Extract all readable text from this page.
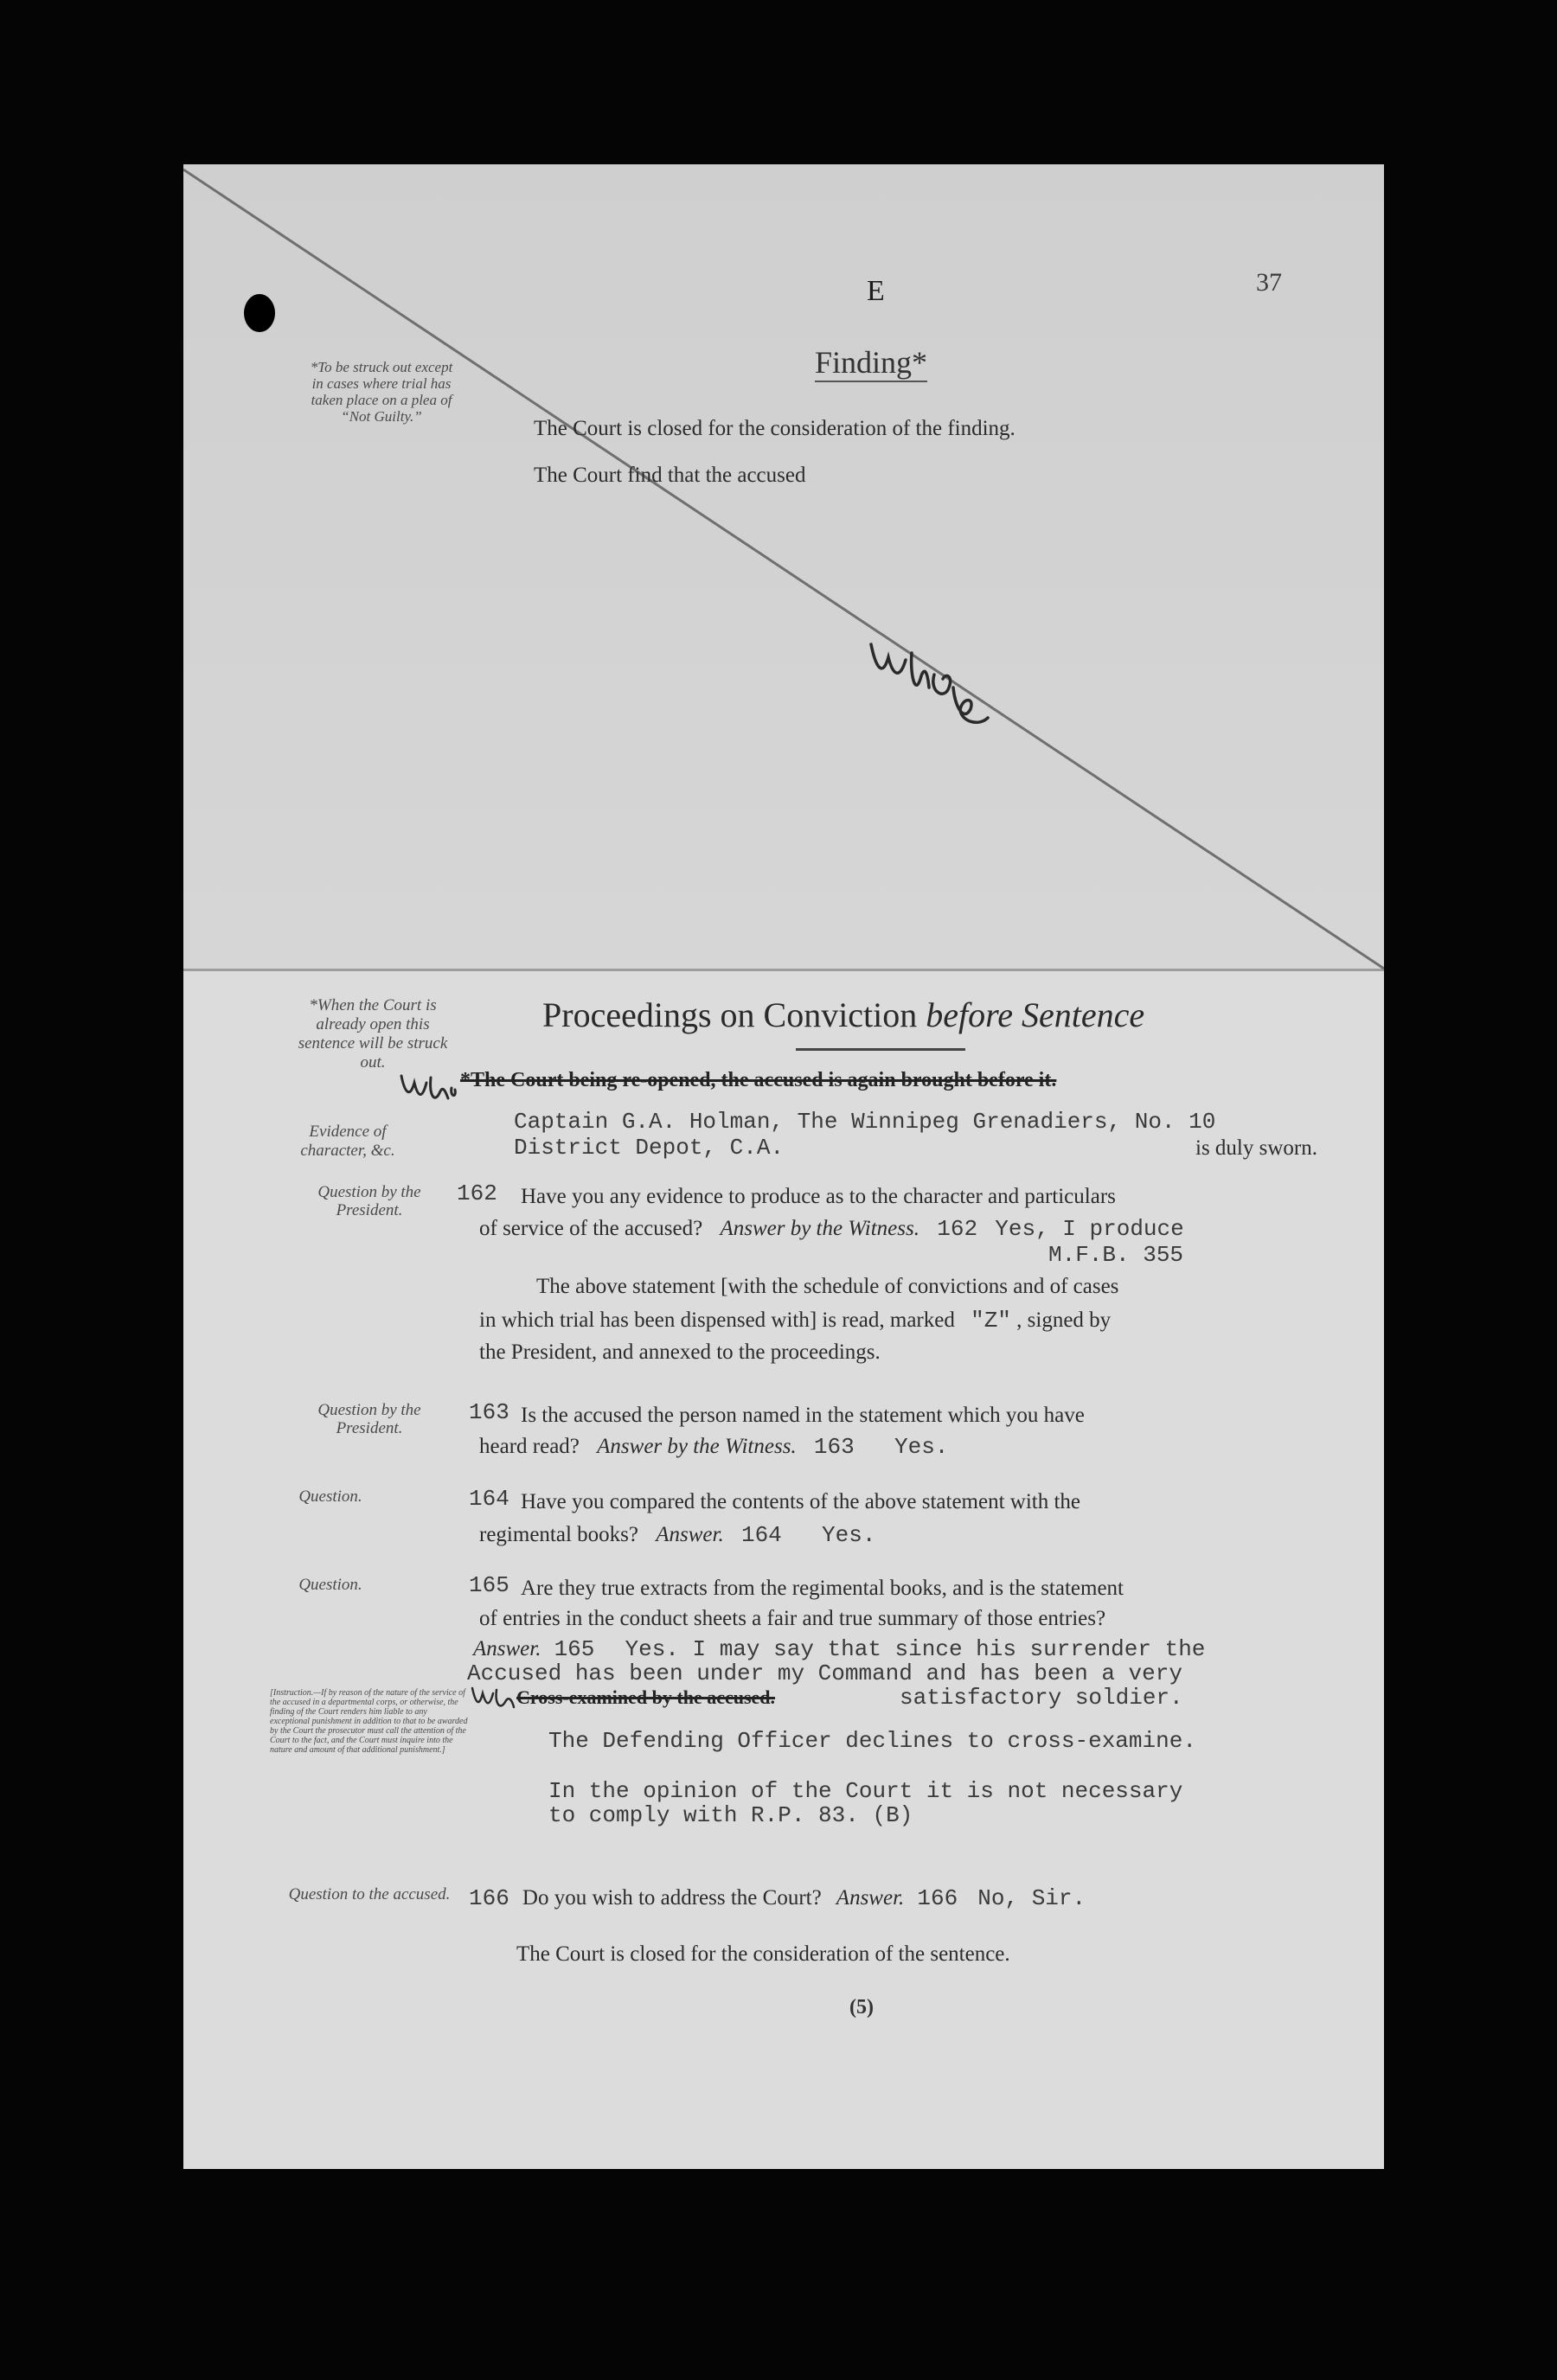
E	37
Finding*
*To be struck out except in cases where trial has taken place on a plea of “Not Guilty.”
The Court is closed for the consideration of the finding.
The Court find that the accused
WJMcL
Proceedings on Conviction before Sentence
*When the Court is already open this sentence will be struck out.
Evidence of character, &c.
*The Court being re-opened, the accused is again brought before it.
Captain G.A. Holman, The Winnipeg Grenadiers, No. 10
District Depot, C.A.	is duly sworn.
Question by the President.
162 Have you any evidence to produce as to the character and particulars
of service of the accused? Answer by the Witness. 162 Yes, I produce
M.F.B. 355
The above statement [with the schedule of convictions and of cases
in which trial has been dispensed with] is read, marked "Z" , signed by
the President, and annexed to the proceedings.
Question by the President.
163 Is the accused the person named in the statement which you have
heard read? Answer by the Witness. 163 Yes.
Question.	164 Have you compared the contents of the above statement with the
regimental books? Answer. 164 Yes.
Question.	165 Are they true extracts from the regimental books, and is the statement
of entries in the conduct sheets a fair and true summary of those entries?
Answer. 165 Yes. I may say that since his surrender the
Accused has been under my Command and has been a very
Cross-examined by the accused.	satisfactory soldier.
[Instruction.—If by reason of the nature of the service of the accused in a departmental corps, or otherwise, the finding of the Court renders him liable to any exceptional punishment in addition to that to be awarded by the Court the prosecutor must call the attention of the Court to the fact, and the Court must inquire into the nature and amount of that additional punishment.]	The Defending Officer declines to cross-examine.
In the opinion of the Court it is not necessary
to comply with R.P. 83. (B)
Question to the accused. 166 Do you wish to address the Court? Answer. 166 No, Sir.
The Court is closed for the consideration of the sentence.
(5)
